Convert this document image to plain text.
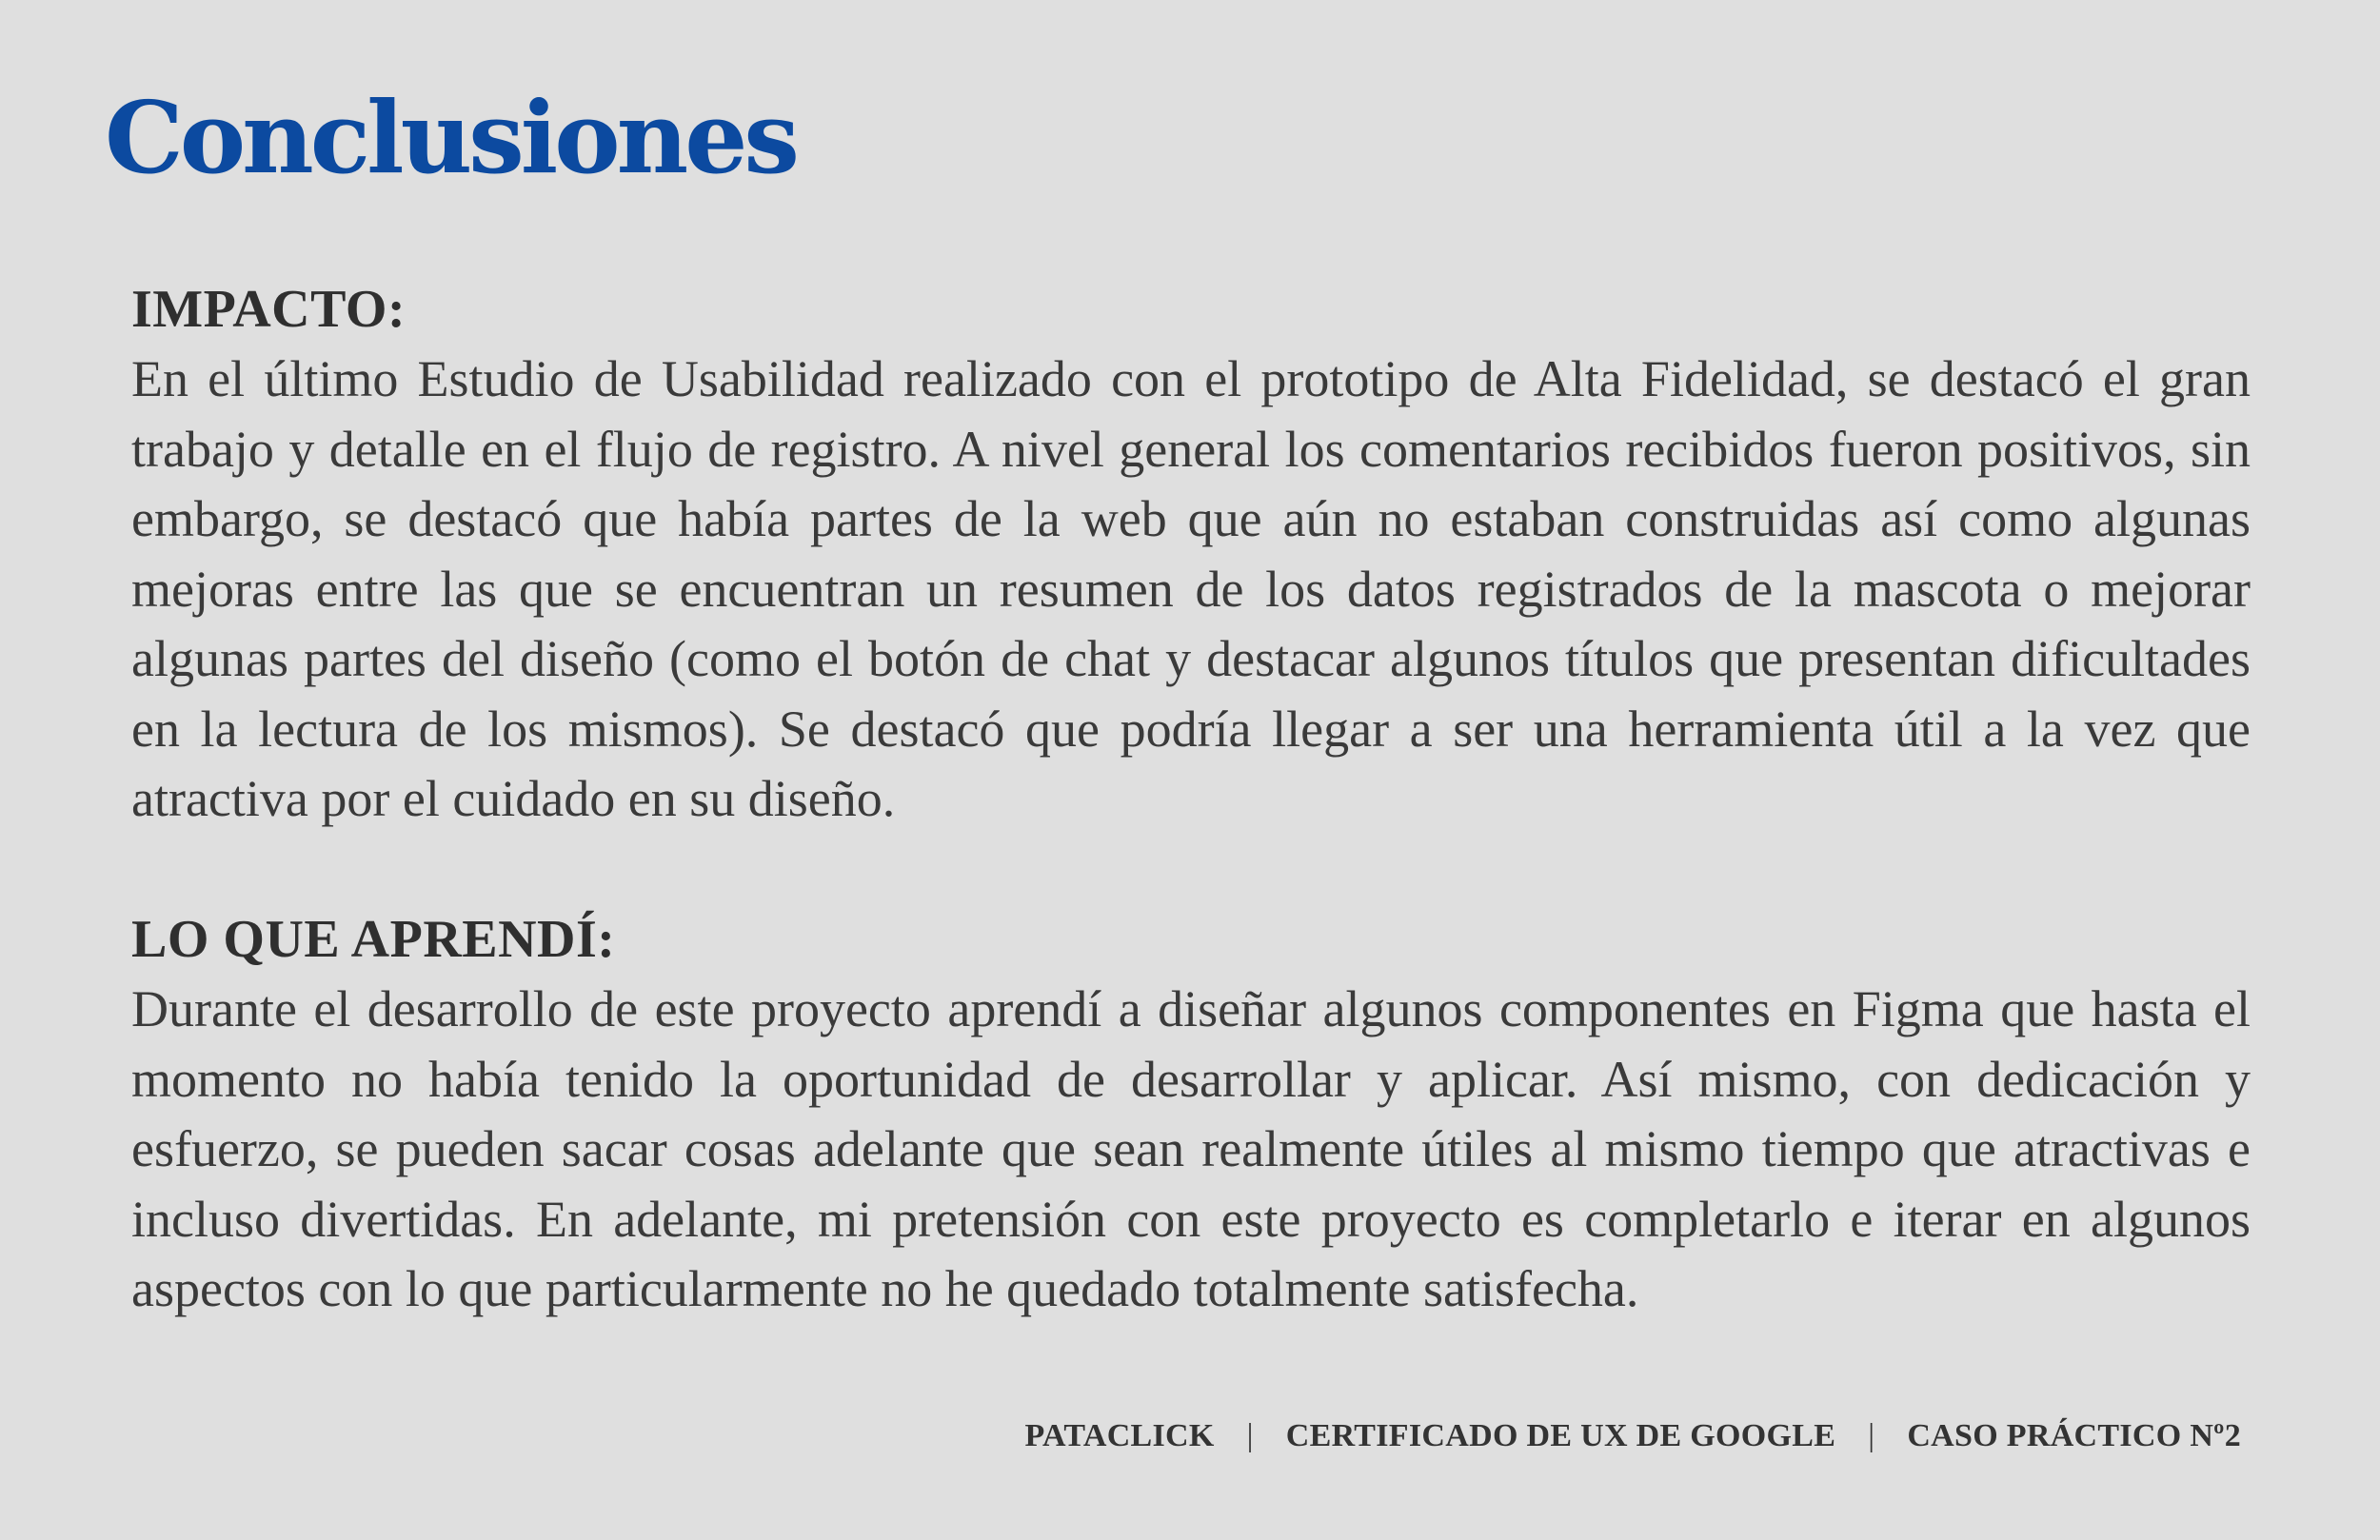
Conclusiones
IMPACTO:

En el último Estudio de Usabilidad realizado con el prototipo de Alta Fidelidad, se destacó el gran trabajo y detalle en el flujo de registro. A nivel general los comentarios recibidos fueron positivos, sin embargo, se destacó que había partes de la web que aún no estaban construidas así como algunas mejoras entre las que se encuentran un resumen de los datos registrados de la mascota o mejorar algunas partes del diseño (como el botón de chat y destacar algunos títulos que presentan dificultades en la lectura de los mismos). Se destacó que podría llegar a ser una herramienta útil a la vez que atractiva por el cuidado en su diseño.

LO QUE APRENDÍ:

Durante el desarrollo de este proyecto aprendí a diseñar algunos componentes en Figma que hasta el momento no había tenido la oportunidad de desarrollar y aplicar. Así mismo, con dedicación y esfuerzo, se pueden sacar cosas adelante que sean realmente útiles al mismo tiempo que atractivas e incluso divertidas. En adelante, mi pretensión con este proyecto es completarlo e iterar en algunos aspectos con lo que particularmente no he quedado totalmente satisfecha.

PATACLICK | CERTIFICADO DE UX DE GOOGLE | CASO PRÁCTICO Nº2
